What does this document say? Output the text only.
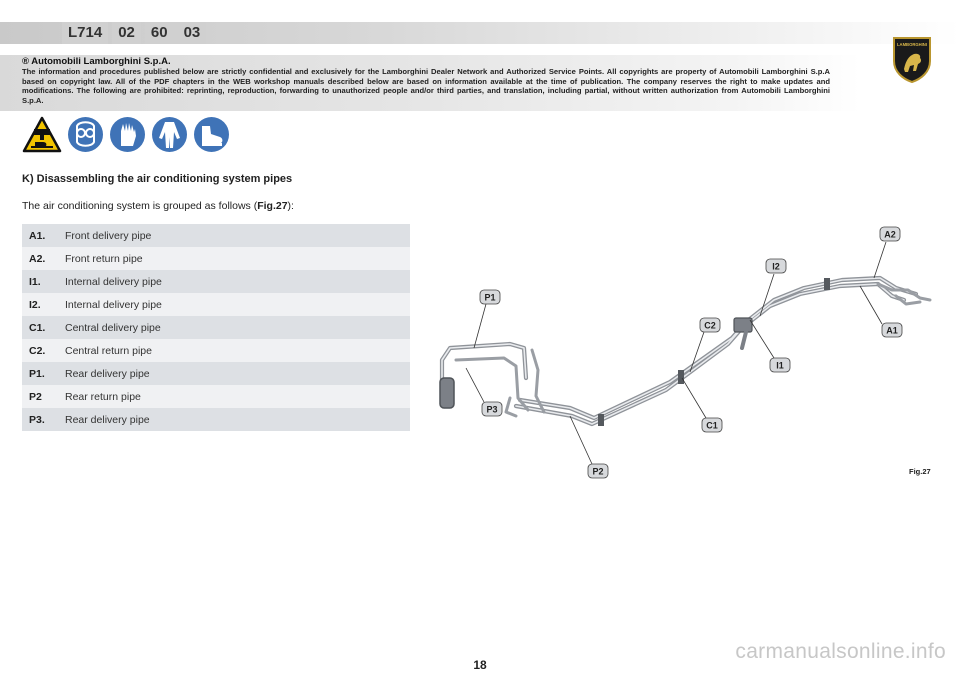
L714	02	60	03
LAMBORGHINI
® Automobili Lamborghini S.p.A.
The information and procedures published below are strictly confidential and exclusively for the Lamborghini Dealer Network and Authorized Service Points. All copyrights are property of Automobili Lamborghini S.p.A based on copyright law. All of the PDF chapters in the WEB workshop manuals described below are based on information available at the time of publication. The company reserves the right to make updates and modifications. The following are prohibited: reprinting, reproduction, forwarding to unauthorized people and/or third parties, and translation, including partial, without written authorization from Automobili Lamborghini S.p.A.
K) Disassembling the air conditioning system pipes
The air conditioning system is grouped as follows (Fig.27):
A1.	Front delivery pipe
A2.	Front return pipe
I1.	Internal delivery pipe
I2.	Internal delivery pipe
C1.	Central delivery pipe
C2.	Central return pipe
P1.	Rear delivery pipe
P2	Rear return pipe
P3.	Rear delivery pipe
A2
I2
P1
C2	A1
I1
P3
C1
P2	Fig.27
18
carmanualsonline.info
